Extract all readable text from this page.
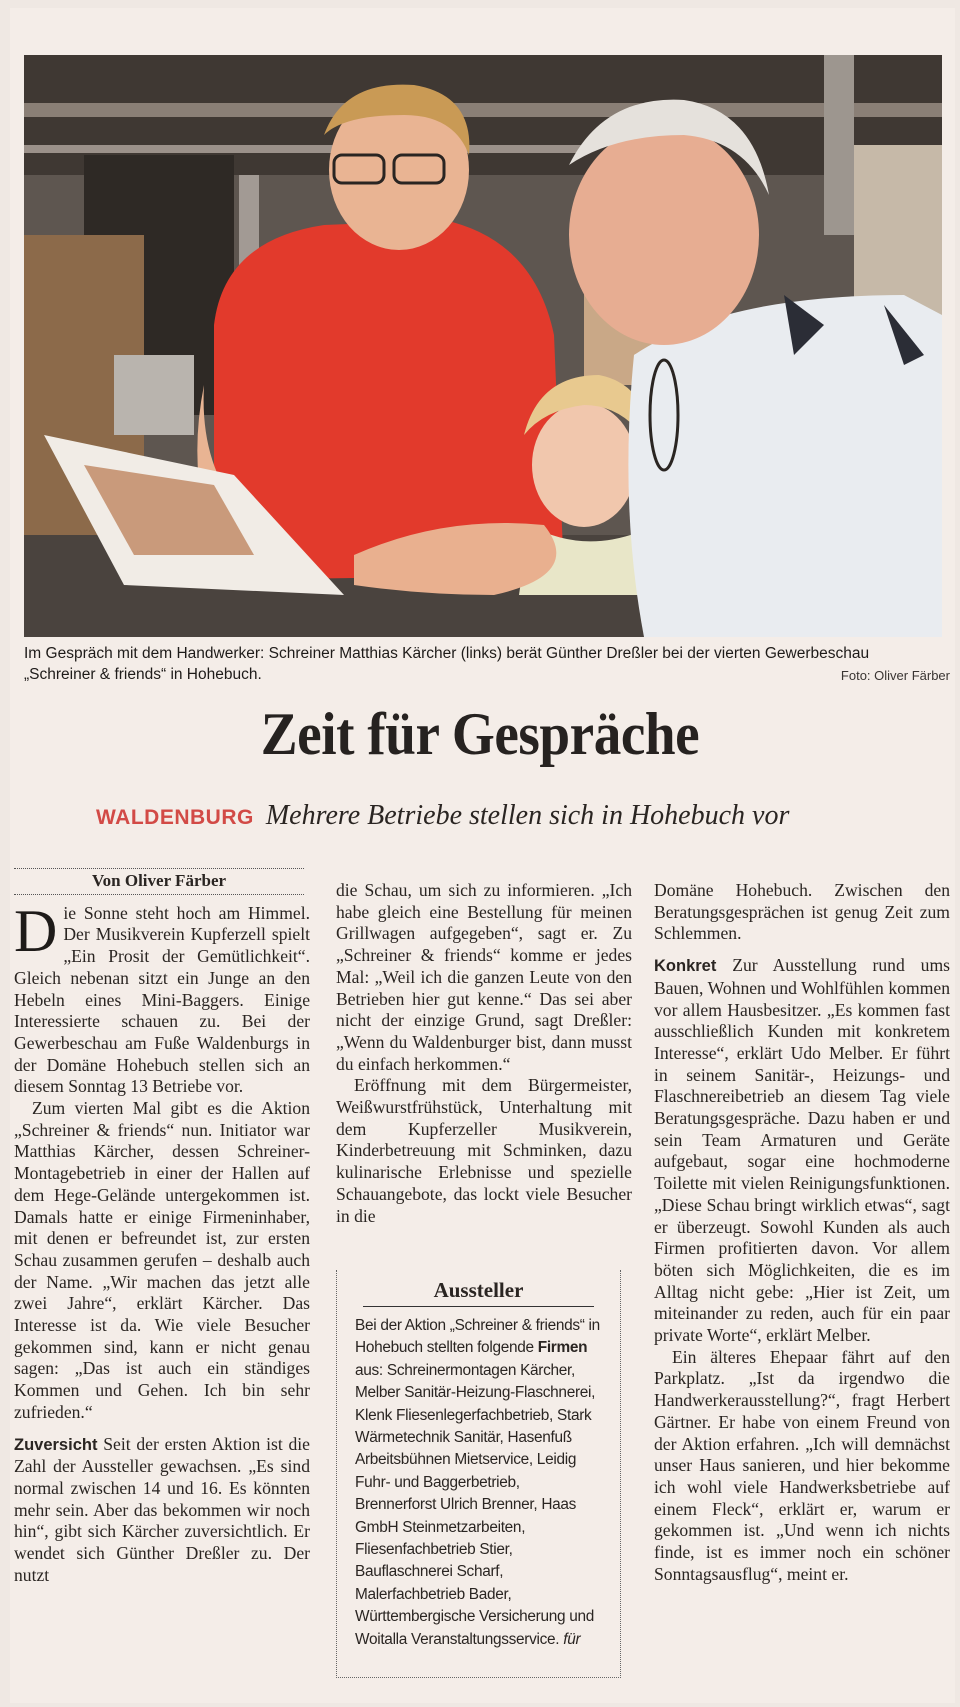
Im Gespräch mit dem Handwerker: Schreiner Matthias Kärcher (links) berät Günther Dreßler bei der vierten Gewerbeschau „Schreiner & friends“ in Hohebuch.	Foto: Oliver Färber
Zeit für Gespräche
WALDENBURG Mehrere Betriebe stellen sich in Hohebuch vor
Von Oliver Färber

Die Sonne steht hoch am Himmel. Der Musikverein Kupferzell spielt „Ein Prosit der Gemütlichkeit“. Gleich nebenan sitzt ein Junge an den Hebeln eines Mini-Baggers. Einige Interessierte schauen zu. Bei der Gewerbeschau am Fuße Waldenburgs in der Domäne Hohebuch stellen sich an diesem Sonntag 13 Betriebe vor.

Zum vierten Mal gibt es die Aktion „Schreiner & friends“ nun. Initiator war Matthias Kärcher, dessen Schreiner-Montagebetrieb in einer der Hallen auf dem Hege-Gelände untergekommen ist. Damals hatte er einige Firmeninhaber, mit denen er befreundet ist, zur ersten Schau zusammen gerufen – deshalb auch der Name. „Wir machen das jetzt alle zwei Jahre“, erklärt Kärcher. Das Interesse ist da. Wie viele Besucher gekommen sind, kann er nicht genau sagen: „Das ist auch ein ständiges Kommen und Gehen. Ich bin sehr zufrieden.“

Zuversicht Seit der ersten Aktion ist die Zahl der Aussteller gewachsen. „Es sind normal zwischen 14 und 16. Es könnten mehr sein. Aber das bekommen wir noch hin“, gibt sich Kärcher zuversichtlich. Er wendet sich Günther Dreßler zu. Der nutzt

die Schau, um sich zu informieren. „Ich habe gleich eine Bestellung für meinen Grillwagen aufgegeben“, sagt er. Zu „Schreiner & friends“ komme er jedes Mal: „Weil ich die ganzen Leute von den Betrieben hier gut kenne.“ Das sei aber nicht der einzige Grund, sagt Dreßler: „Wenn du Waldenburger bist, dann musst du einfach herkommen.“

Eröffnung mit dem Bürgermeister, Weißwurstfrühstück, Unterhaltung mit dem Kupferzeller Musikverein, Kinderbetreuung mit Schminken, dazu kulinarische Erlebnisse und spezielle Schauangebote, das lockt viele Besucher in die

Aussteller
Bei der Aktion „Schreiner & friends“ in Hohebuch stellten folgende Firmen aus: Schreinermontagen Kärcher, Melber Sanitär-Heizung-Flaschnerei, Klenk Fliesenlegerfachbetrieb, Stark Wärmetechnik Sanitär, Hasenfuß Arbeitsbühnen Mietservice, Leidig Fuhr- und Baggerbetrieb, Brennerforst Ulrich Brenner, Haas GmbH Steinmetzarbeiten, Fliesenfachbetrieb Stier, Bauflaschnerei Scharf, Malerfachbetrieb Bader, Württembergische Versicherung und Woitalla Veranstaltungsservice. für

Domäne Hohebuch. Zwischen den Beratungsgesprächen ist genug Zeit zum Schlemmen.

Konkret Zur Ausstellung rund ums Bauen, Wohnen und Wohlfühlen kommen vor allem Hausbesitzer. „Es kommen fast ausschließlich Kunden mit konkretem Interesse“, erklärt Udo Melber. Er führt in seinem Sanitär-, Heizungs- und Flaschnereibetrieb an diesem Tag viele Beratungsgespräche. Dazu haben er und sein Team Armaturen und Geräte aufgebaut, sogar eine hochmoderne Toilette mit vielen Reinigungsfunktionen. „Diese Schau bringt wirklich etwas“, sagt er überzeugt. Sowohl Kunden als auch Firmen profitierten davon. Vor allem böten sich Möglichkeiten, die es im Alltag nicht gebe: „Hier ist Zeit, um miteinander zu reden, auch für ein paar private Worte“, erklärt Melber.

Ein älteres Ehepaar fährt auf den Parkplatz. „Ist da irgendwo die Handwerkerausstellung?“, fragt Herbert Gärtner. Er habe von einem Freund von der Aktion erfahren. „Ich will demnächst unser Haus sanieren, und hier bekomme ich wohl viele Handwerksbetriebe auf einem Fleck“, erklärt er, warum er gekommen ist. „Und wenn ich nichts finde, ist es immer noch ein schöner Sonntagsausflug“, meint er.
